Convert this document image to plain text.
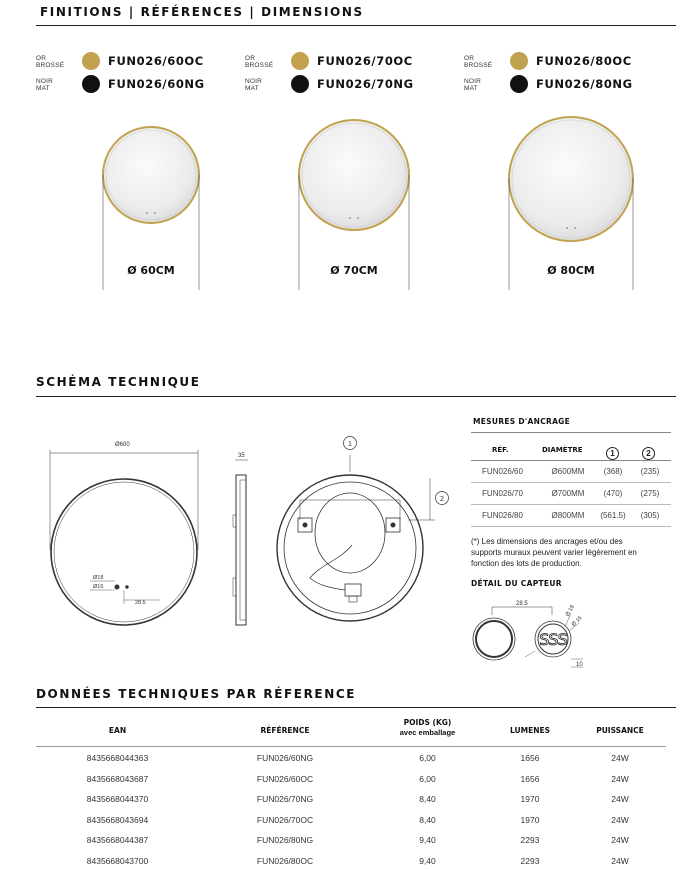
FINITIONS | RÉFÉRENCES | DIMENSIONS
OR
BROSSÉ	FUN026/60OC
NOIR
MAT	FUN026/60NG
OR
BROSSÉ	FUN026/70OC
NOIR
MAT	FUN026/70NG
OR
BROSSÉ	FUN026/80OC
NOIR
MAT	FUN026/80NG
Ø 60CM	Ø 70CM	Ø 80CM
SCHÉMA TECHNIQUE
Ø600
Ø18
Ø16
28.5
35
1
2
MESURES D'ANCRAGE
RÉF.	DIAMÈTRE	1	2
FUN026/60	Ø600MM	(368)	(235)
FUN026/70	Ø700MM	(470)	(275)
FUN026/80	Ø800MM	(561.5)	(305)
(*) Les dimensions des ancrages et/ou des
supports muraux peuvent varier légèrement en
fonction des lots de production.
DÉTAIL DU CAPTEUR
28.5
Ø 18
Ø 16
10
SSS
DONNÉES TECHNIQUES PAR RÉFERENCE
EAN	RÉFÉRENCE
POIDS (KG)
avec emballage	LUMENES	PUISSANCE
8435668044363	FUN026/60NG	6,00	1656	24W
8435668043687	FUN026/60OC	6,00	1656	24W
8435668044370	FUN026/70NG	8,40	1970	24W
8435668043694	FUN026/70OC	8,40	1970	24W
8435668044387	FUN026/80NG	9,40	2293	24W
8435668043700	FUN026/80OC	9,40	2293	24W
